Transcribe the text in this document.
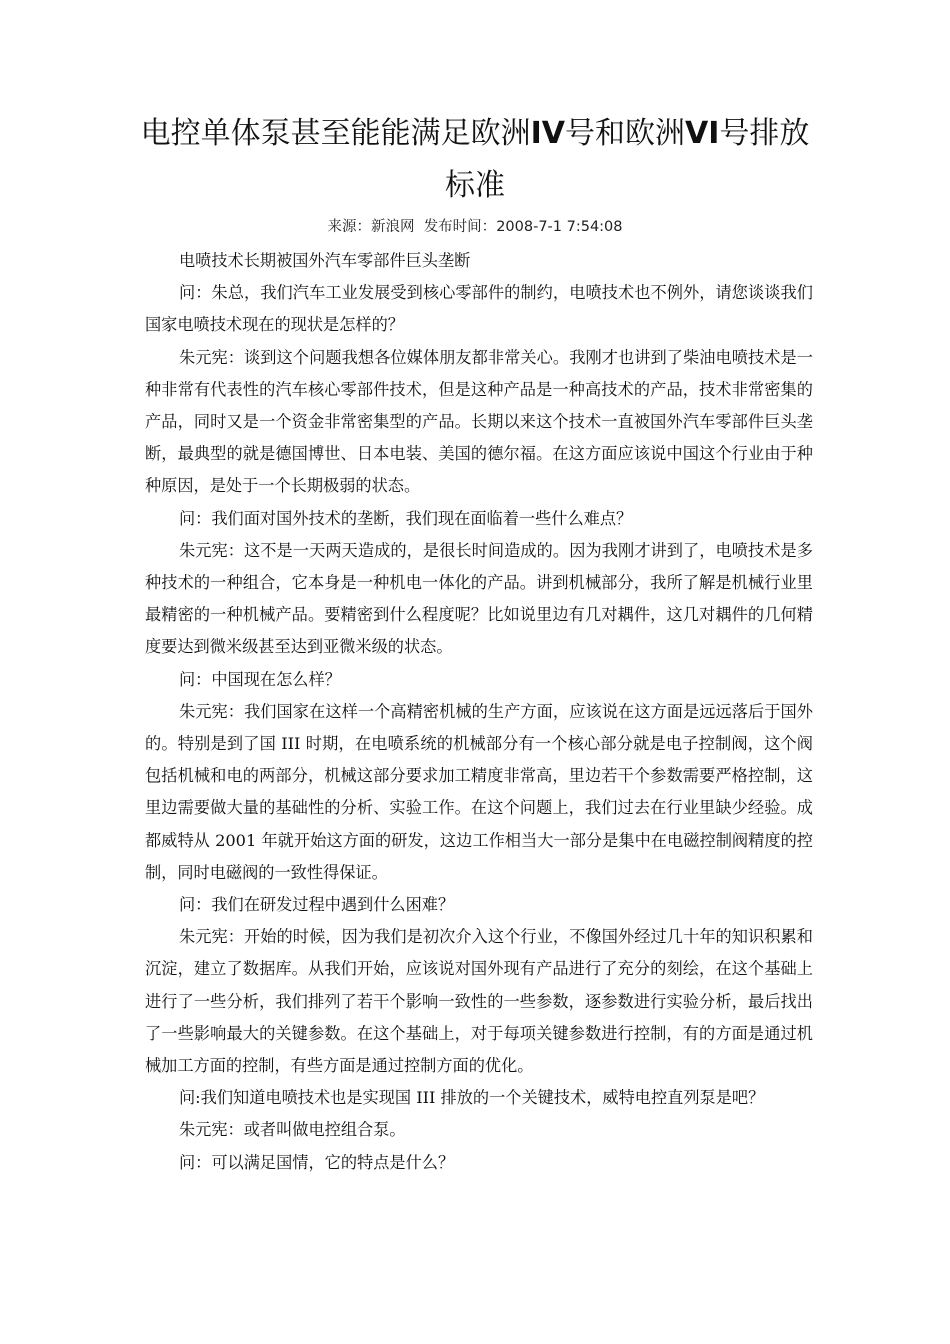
电控单体泵甚至能能满足欧洲IV号和欧洲VI号排放标准
来源：新浪网 发布时间：2008-7-1 7:54:08

电喷技术长期被国外汽车零部件巨头垄断

问：朱总，我们汽车工业发展受到核心零部件的制约，电喷技术也不例外，请您谈谈我们国家电喷技术现在的现状是怎样的？

朱元宪：谈到这个问题我想各位媒体朋友都非常关心。我刚才也讲到了柴油电喷技术是一种非常有代表性的汽车核心零部件技术，但是这种产品是一种高技术的产品，技术非常密集的产品，同时又是一个资金非常密集型的产品。长期以来这个技术一直被国外汽车零部件巨头垄断，最典型的就是德国博世、日本电装、美国的德尔福。在这方面应该说中国这个行业由于种种原因，是处于一个长期极弱的状态。

问：我们面对国外技术的垄断，我们现在面临着一些什么难点？

朱元宪：这不是一天两天造成的，是很长时间造成的。因为我刚才讲到了，电喷技术是多种技术的一种组合，它本身是一种机电一体化的产品。讲到机械部分，我所了解是机械行业里最精密的一种机械产品。要精密到什么程度呢？比如说里边有几对耦件，这几对耦件的几何精度要达到微米级甚至达到亚微米级的状态。

问：中国现在怎么样？

朱元宪：我们国家在这样一个高精密机械的生产方面，应该说在这方面是远远落后于国外的。特别是到了国 III 时期，在电喷系统的机械部分有一个核心部分就是电子控制阀，这个阀包括机械和电的两部分，机械这部分要求加工精度非常高，里边若干个参数需要严格控制，这里边需要做大量的基础性的分析、实验工作。在这个问题上，我们过去在行业里缺少经验。成都威特从 2001 年就开始这方面的研发，这边工作相当大一部分是集中在电磁控制阀精度的控制，同时电磁阀的一致性得保证。

问：我们在研发过程中遇到什么困难？

朱元宪：开始的时候，因为我们是初次介入这个行业，不像国外经过几十年的知识积累和沉淀，建立了数据库。从我们开始，应该说对国外现有产品进行了充分的刻绘，在这个基础上进行了一些分析，我们排列了若干个影响一致性的一些参数，逐参数进行实验分析，最后找出了一些影响最大的关键参数。在这个基础上，对于每项关键参数进行控制，有的方面是通过机械加工方面的控制，有些方面是通过控制方面的优化。

问:我们知道电喷技术也是实现国 III 排放的一个关键技术，威特电控直列泵是吧？

朱元宪：或者叫做电控组合泵。

问：可以满足国情，它的特点是什么？
